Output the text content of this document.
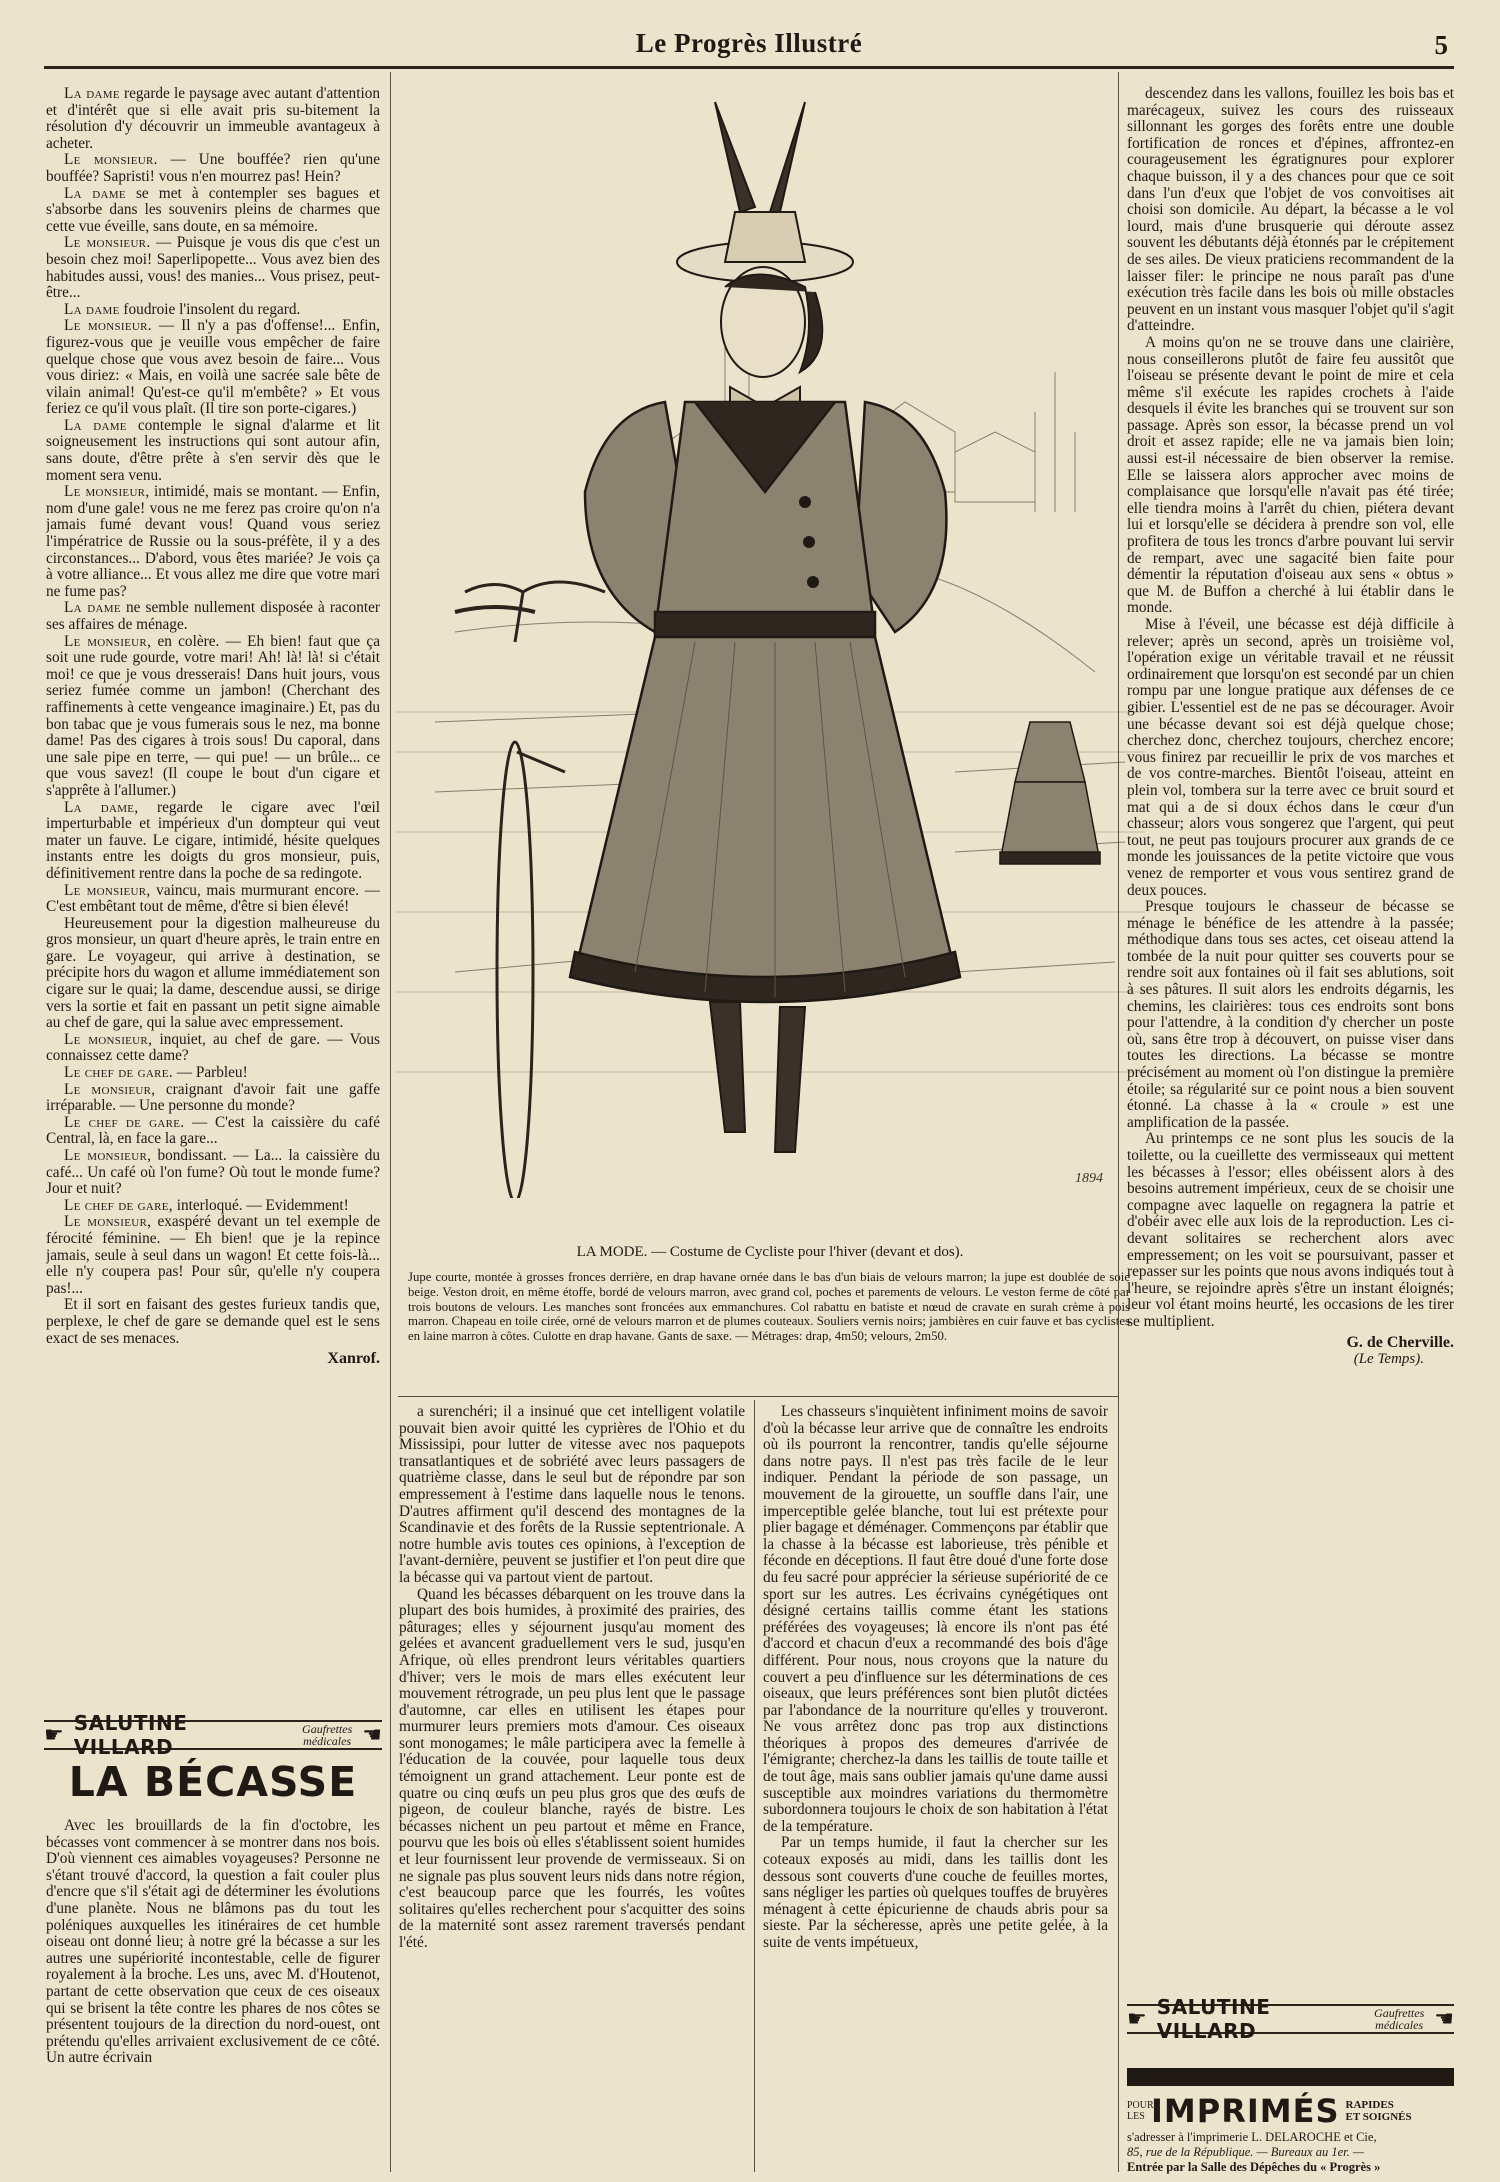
Le Progrès Illustré	5

La dame regarde le paysage avec autant d'attention et d'intérêt que si elle avait pris su-bitement la résolution d'y découvrir un immeuble avantageux à acheter.

Le monsieur. — Une bouffée? rien qu'une bouffée? Sapristi! vous n'en mourrez pas! Hein?

La dame se met à contempler ses bagues et s'absorbe dans les souvenirs pleins de charmes que cette vue éveille, sans doute, en sa mémoire.

Le monsieur. — Puisque je vous dis que c'est un besoin chez moi! Saperlipopette... Vous avez bien des habitudes aussi, vous! des manies... Vous prisez, peut-être...

La dame foudroie l'insolent du regard.

Le monsieur. — Il n'y a pas d'offense!... Enfin, figurez-vous que je veuille vous empêcher de faire quelque chose que vous avez besoin de faire... Vous vous diriez: « Mais, en voilà une sacrée sale bête de vilain animal! Qu'est-ce qu'il m'embête? » Et vous feriez ce qu'il vous plaît. (Il tire son porte-cigares.)

La dame contemple le signal d'alarme et lit soigneusement les instructions qui sont autour afin, sans doute, d'être prête à s'en servir dès que le moment sera venu.

Le monsieur, intimidé, mais se montant. — Enfin, nom d'une gale! vous ne me ferez pas croire qu'on n'a jamais fumé devant vous! Quand vous seriez l'impératrice de Russie ou la sous-préfète, il y a des circonstances... D'abord, vous êtes mariée? Je vois ça à votre alliance... Et vous allez me dire que votre mari ne fume pas?

La dame ne semble nullement disposée à raconter ses affaires de ménage.

Le monsieur, en colère. — Eh bien! faut que ça soit une rude gourde, votre mari! Ah! là! là! si c'était moi! ce que je vous dresserais! Dans huit jours, vous seriez fumée comme un jambon! (Cherchant des raffinements à cette vengeance imaginaire.) Et, pas du bon tabac que je vous fumerais sous le nez, ma bonne dame! Pas des cigares à trois sous! Du caporal, dans une sale pipe en terre, — qui pue! — un brûle... ce que vous savez! (Il coupe le bout d'un cigare et s'apprête à l'allumer.)

La dame, regarde le cigare avec l'œil imperturbable et impérieux d'un dompteur qui veut mater un fauve. Le cigare, intimidé, hésite quelques instants entre les doigts du gros monsieur, puis, définitivement rentre dans la poche de sa redingote.

Le monsieur, vaincu, mais murmurant encore. — C'est embêtant tout de même, d'être si bien élevé!

Heureusement pour la digestion malheureuse du gros monsieur, un quart d'heure après, le train entre en gare. Le voyageur, qui arrive à destination, se précipite hors du wagon et allume immédiatement son cigare sur le quai; la dame, descendue aussi, se dirige vers la sortie et fait en passant un petit signe aimable au chef de gare, qui la salue avec empressement.

Le monsieur, inquiet, au chef de gare. — Vous connaissez cette dame?

Le chef de gare. — Parbleu!

Le monsieur, craignant d'avoir fait une gaffe irréparable. — Une personne du monde?

Le chef de gare. — C'est la caissière du café Central, là, en face la gare...

Le monsieur, bondissant. — La... la caissière du café... Un café où l'on fume? Où tout le monde fume? Jour et nuit?

Le chef de gare, interloqué. — Evidemment!

Le monsieur, exaspéré devant un tel exemple de férocité féminine. — Eh bien! que je la repince jamais, seule à seul dans un wagon! Et cette fois-là... elle n'y coupera pas! Pour sûr, qu'elle n'y coupera pas!...

Et il sort en faisant des gestes furieux tandis que, perplexe, le chef de gare se demande quel est le sens exact de ses menaces.

Xanrof.
☛ SALUTINE VILLARD
Gaufrettes
médicales ☚
LA BÉCASSE

Avec les brouillards de la fin d'octobre, les bécasses vont commencer à se montrer dans nos bois. D'où viennent ces aimables voyageuses? Personne ne s'étant trouvé d'accord, la question a fait couler plus d'encre que s'il s'était agi de déterminer les évolutions d'une planète. Nous ne blâmons pas du tout les poléniques auxquelles les itinéraires de cet humble oiseau ont donné lieu; à notre gré la bécasse a sur les autres une supériorité incontestable, celle de figurer royalement à la broche. Les uns, avec M. d'Houtenot, partant de cette observation que ceux de ces oiseaux qui se brisent la tête contre les phares de nos côtes se présentent toujours de la direction du nord-ouest, ont prétendu qu'elles arrivaient exclusivement de ce côté. Un autre écrivain

1894
LA MODE. — Costume de Cycliste pour l'hiver (devant et dos).
Jupe courte, montée à grosses fronces derrière, en drap havane ornée dans le bas d'un biais de velours marron; la jupe est doublée de soie beige. Veston droit, en même étoffe, bordé de velours marron, avec grand col, poches et parements de velours. Le veston ferme de côté par trois boutons de velours. Les manches sont froncées aux emmanchures. Col rabattu en batiste et nœud de cravate en surah crème à pois marron. Chapeau en toile cirée, orné de velours marron et de plumes couteaux. Souliers vernis noirs; jambières en cuir fauve et bas cyclistes en laine marron à côtes. Culotte en drap havane. Gants de saxe. — Métrages: drap, 4m50; velours, 2m50.

a surenchéri; il a insinué que cet intelligent volatile pouvait bien avoir quitté les cyprières de l'Ohio et du Mississipi, pour lutter de vitesse avec nos paquepots transatlantiques et de sobriété avec leurs passagers de quatrième classe, dans le seul but de répondre par son empressement à l'estime dans laquelle nous le tenons. D'autres affirment qu'il descend des montagnes de la Scandinavie et des forêts de la Russie septentrionale. A notre humble avis toutes ces opinions, à l'exception de l'avant-dernière, peuvent se justifier et l'on peut dire que la bécasse qui va partout vient de partout.

Quand les bécasses débarquent on les trouve dans la plupart des bois humides, à proximité des prairies, des pâturages; elles y séjournent jusqu'au moment des gelées et avancent graduellement vers le sud, jusqu'en Afrique, où elles prendront leurs véritables quartiers d'hiver; vers le mois de mars elles exécutent leur mouvement rétrograde, un peu plus lent que le passage d'automne, car elles en utilisent les étapes pour murmurer leurs premiers mots d'amour. Ces oiseaux sont monogames; le mâle participera avec la femelle à l'éducation de la couvée, pour laquelle tous deux témoignent un grand attachement. Leur ponte est de quatre ou cinq œufs un peu plus gros que des œufs de pigeon, de couleur blanche, rayés de bistre. Les bécasses nichent un peu partout et même en France, pourvu que les bois où elles s'établissent soient humides et leur fournissent leur provende de vermisseaux. Si on ne signale pas plus souvent leurs nids dans notre région, c'est beaucoup parce que les fourrés, les voûtes solitaires qu'elles recherchent pour s'acquitter des soins de la maternité sont assez rarement traversés pendant l'été.

Les chasseurs s'inquiètent infiniment moins de savoir d'où la bécasse leur arrive que de connaître les endroits où ils pourront la rencontrer, tandis qu'elle séjourne dans notre pays. Il n'est pas très facile de le leur indiquer. Pendant la période de son passage, un mouvement de la girouette, un souffle dans l'air, une imperceptible gelée blanche, tout lui est prétexte pour plier bagage et déménager. Commençons par établir que la chasse à la bécasse est laborieuse, très pénible et féconde en déceptions. Il faut être doué d'une forte dose du feu sacré pour apprécier la sérieuse supériorité de ce sport sur les autres. Les écrivains cynégétiques ont désigné certains taillis comme étant les stations préférées des voyageuses; là encore ils n'ont pas été d'accord et chacun d'eux a recommandé des bois d'âge différent. Pour nous, nous croyons que la nature du couvert a peu d'influence sur les déterminations de ces oiseaux, que leurs préférences sont bien plutôt dictées par l'abondance de la nourriture qu'elles y trouveront. Ne vous arrêtez donc pas trop aux distinctions théoriques à propos des demeures d'arrivée de l'émigrante; cherchez-la dans les taillis de toute taille et de tout âge, mais sans oublier jamais qu'une dame aussi susceptible aux moindres variations du thermomètre subordonnera toujours le choix de son habitation à l'état de la température.

Par un temps humide, il faut la chercher sur les coteaux exposés au midi, dans les taillis dont les dessous sont couverts d'une couche de feuilles mortes, sans négliger les parties où quelques touffes de bruyères ménagent à cette épicurienne de chauds abris pour sa sieste. Par la sécheresse, après une petite gelée, à la suite de vents impétueux,

descendez dans les vallons, fouillez les bois bas et marécageux, suivez les cours des ruisseaux sillonnant les gorges des forêts entre une double fortification de ronces et d'épines, affrontez-en courageusement les égratignures pour explorer chaque buisson, il y a des chances pour que ce soit dans l'un d'eux que l'objet de vos convoitises ait choisi son domicile. Au départ, la bécasse a le vol lourd, mais d'une brusquerie qui déroute assez souvent les débutants déjà étonnés par le crépitement de ses ailes. De vieux praticiens recommandent de la laisser filer: le principe ne nous paraît pas d'une exécution très facile dans les bois où mille obstacles peuvent en un instant vous masquer l'objet qu'il s'agit d'atteindre.

A moins qu'on ne se trouve dans une clairière, nous conseillerons plutôt de faire feu aussitôt que l'oiseau se présente devant le point de mire et cela même s'il exécute les rapides crochets à l'aide desquels il évite les branches qui se trouvent sur son passage. Après son essor, la bécasse prend un vol droit et assez rapide; elle ne va jamais bien loin; aussi est-il nécessaire de bien observer la remise. Elle se laissera alors approcher avec moins de complaisance que lorsqu'elle n'avait pas été tirée; elle tiendra moins à l'arrêt du chien, piétera devant lui et lorsqu'elle se décidera à prendre son vol, elle profitera de tous les troncs d'arbre pouvant lui servir de rempart, avec une sagacité bien faite pour démentir la réputation d'oiseau aux sens « obtus » que M. de Buffon a cherché à lui établir dans le monde.

Mise à l'éveil, une bécasse est déjà difficile à relever; après un second, après un troisième vol, l'opération exige un véritable travail et ne réussit ordinairement que lorsqu'on est secondé par un chien rompu par une longue pratique aux défenses de ce gibier. L'essentiel est de ne pas se décourager. Avoir une bécasse devant soi est déjà quelque chose; cherchez donc, cherchez toujours, cherchez encore; vous finirez par recueillir le prix de vos marches et de vos contre-marches. Bientôt l'oiseau, atteint en plein vol, tombera sur la terre avec ce bruit sourd et mat qui a de si doux échos dans le cœur d'un chasseur; alors vous songerez que l'argent, qui peut tout, ne peut pas toujours procurer aux grands de ce monde les jouissances de la petite victoire que vous venez de remporter et vous vous sentirez grand de deux pouces.

Presque toujours le chasseur de bécasse se ménage le bénéfice de les attendre à la passée; méthodique dans tous ses actes, cet oiseau attend la tombée de la nuit pour quitter ses couverts pour se rendre soit aux fontaines où il fait ses ablutions, soit à ses pâtures. Il suit alors les endroits dégarnis, les chemins, les clairières: tous ces endroits sont bons pour l'attendre, à la condition d'y chercher un poste où, sans être trop à découvert, on puisse viser dans toutes les directions. La bécasse se montre précisément au moment où l'on distingue la première étoile; sa régularité sur ce point nous a bien souvent étonné. La chasse à la « croule » est une amplification de la passée.

Au printemps ce ne sont plus les soucis de la toilette, ou la cueillette des vermisseaux qui mettent les bécasses à l'essor; elles obéissent alors à des besoins autrement impérieux, ceux de se choisir une compagne avec laquelle on regagnera la patrie et d'obéir avec elle aux lois de la reproduction. Les ci-devant solitaires se recherchent alors avec empressement; on les voit se poursuivant, passer et repasser sur les points que nous avons indiqués tout à l'heure, se rejoindre après s'être un instant éloignés; leur vol étant moins heurté, les occasions de les tirer se multiplient.

G. de Cherville.
(Le Temps).
☛ SALUTINE VILLARD
Gaufrettes
médicales ☚
POUR LES IMPRIMÉS RAPIDES
ET SOIGNÉS
s'adresser à l'imprimerie L. DELAROCHE et Cie,
85, rue de la République. — Bureaux au 1er. —
Entrée par la Salle des Dépêches du « Progrès »
